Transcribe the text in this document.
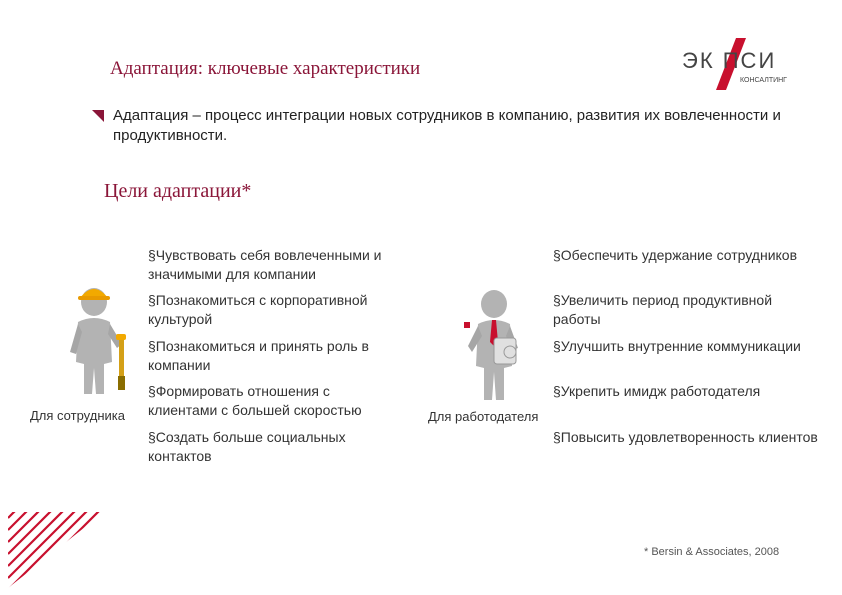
Адаптация: ключевые характеристики	ЭК ПСИ
КОНСАЛТИНГ
Адаптация – процесс интеграции новых сотрудников в компанию, развития их вовлеченности и продуктивности.
Цели адаптации*
Для сотрудника
§Чувствовать себя вовлеченными и значимыми для компании
§Познакомиться с корпоративной культурой
§Познакомиться и принять роль в компании
§Формировать отношения с клиентами с большей скоростью
§Создать больше социальных контактов
Для работодателя
§Обеспечить удержание сотрудников
§Увеличить период продуктивной работы
§Улучшить внутренние коммуникации
§Укрепить имидж работодателя
§Повысить удовлетворенность клиентов
* Bersin & Associates, 2008
